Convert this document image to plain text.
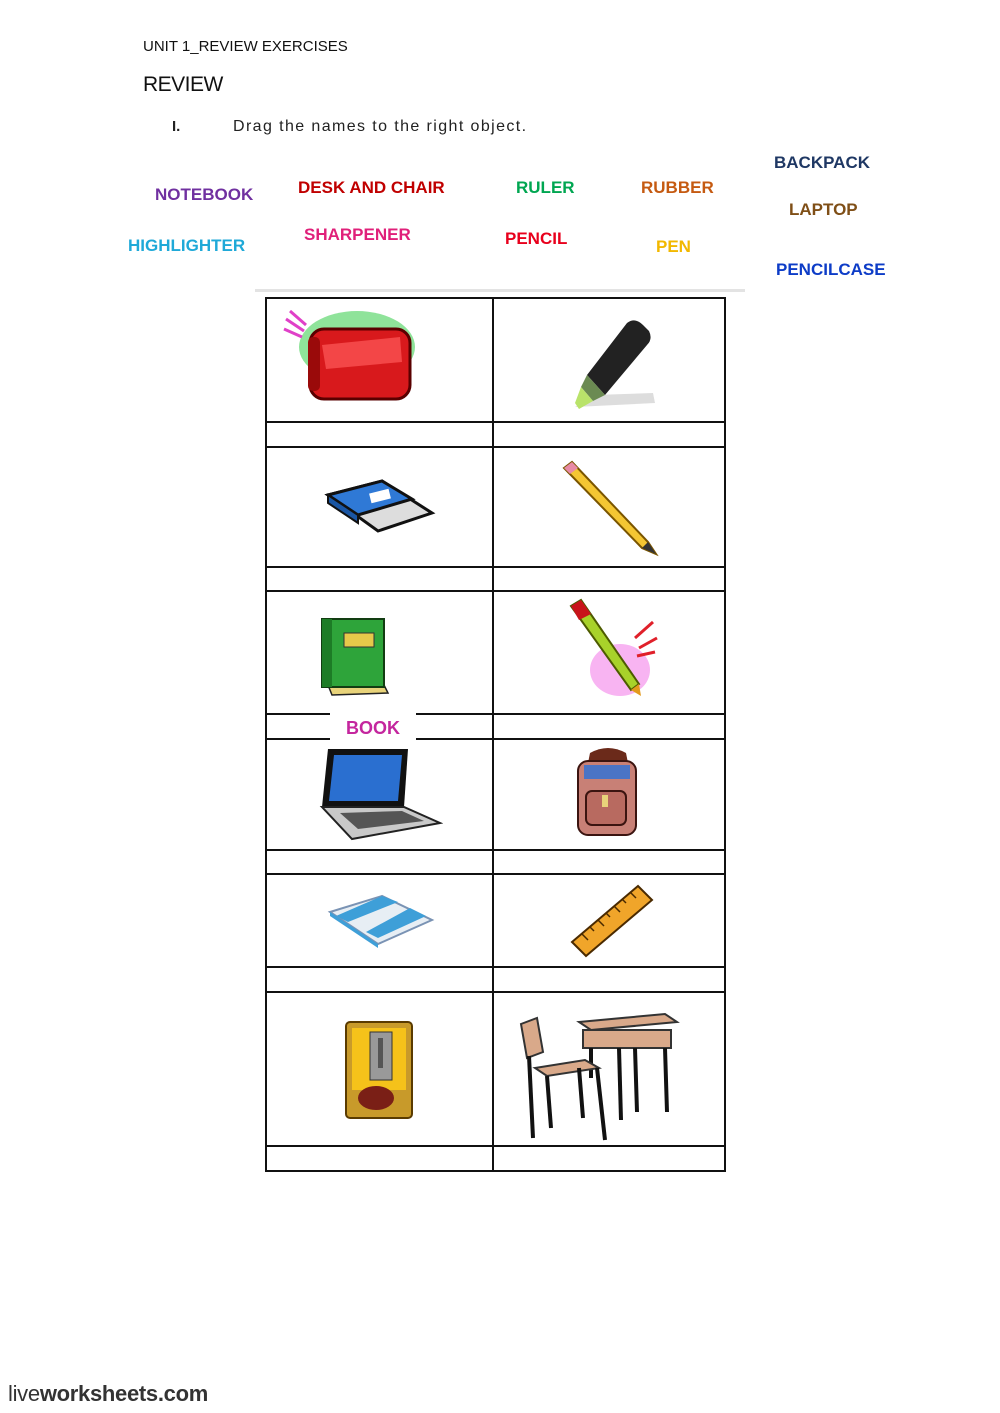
UNIT 1_REVIEW EXERCISES
REVIEW
I.	Drag the names to the right object.
BACKPACK
NOTEBOOK	DESK AND CHAIR	RULER	RUBBER
LAPTOP
HIGHLIGHTER
SHARPENER	PENCIL	PEN
PENCILCASE
BOOK
liveworksheets.com
